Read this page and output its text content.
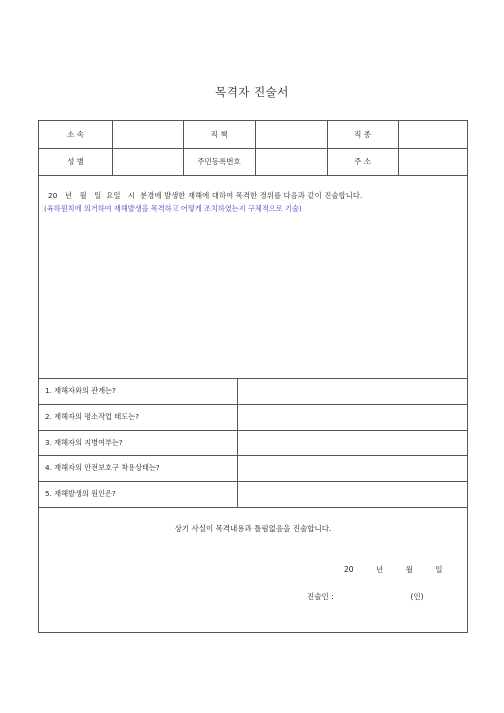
목격자 진술서
소 속	직 책	직 종
성 별	주민등록번호	주 소
20   년   월   일  요일   시  분경에 발생한 재해에 대하여 목격한 경위를 다음과 같이 진술합니다.
(육하원칙에 의거하여 재해발생을 목격하고 어떻게 조치하였는지 구체적으로 기술)
1. 재해자와의 관계는?
2. 재해자의 평소작업 태도는?
3. 재해자의 지병여부는?
4. 재해자의 안전보호구 착용상태는?
5. 재해발생의 원인은?
상기 사실이 목격내용과 틀림없음을 진술합니다.
20	년	월	일
진술인 :	(인)
